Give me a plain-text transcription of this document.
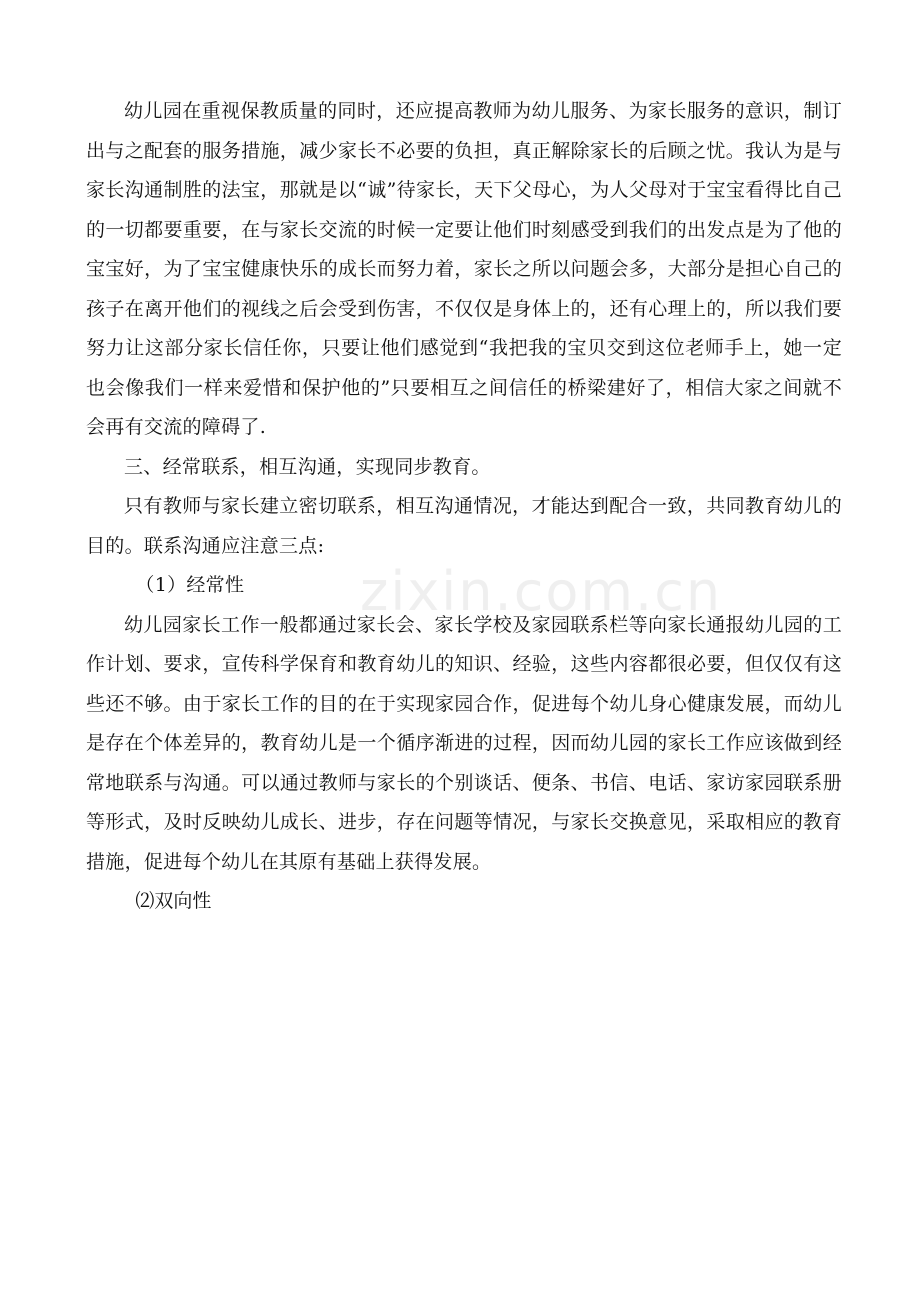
幼儿园在重视保教质量的同时，还应提高教师为幼儿服务、为家长服务的意识，制订出与之配套的服务措施，减少家长不必要的负担，真正解除家长的后顾之忧。我认为是与家长沟通制胜的法宝，那就是以“诚”待家长，天下父母心，为人父母对于宝宝看得比自己的一切都要重要，在与家长交流的时候一定要让他们时刻感受到我们的出发点是为了他的宝宝好，为了宝宝健康快乐的成长而努力着，家长之所以问题会多，大部分是担心自己的孩子在离开他们的视线之后会受到伤害，不仅仅是身体上的，还有心理上的，所以我们要努力让这部分家长信任你，只要让他们感觉到“我把我的宝贝交到这位老师手上，她一定也会像我们一样来爱惜和保护他的”只要相互之间信任的桥梁建好了，相信大家之间就不会再有交流的障碍了.

三、经常联系，相互沟通，实现同步教育。

只有教师与家长建立密切联系，相互沟通情况，才能达到配合一致，共同教育幼儿的目的。联系沟通应注意三点:

（1）经常性

幼儿园家长工作一般都通过家长会、家长学校及家园联系栏等向家长通报幼儿园的工作计划、要求，宣传科学保育和教育幼儿的知识、经验，这些内容都很必要，但仅仅有这些还不够。由于家长工作的目的在于实现家园合作，促进每个幼儿身心健康发展，而幼儿是存在个体差异的，教育幼儿是一个循序渐进的过程，因而幼儿园的家长工作应该做到经常地联系与沟通。可以通过教师与家长的个别谈话、便条、书信、电话、家访家园联系册等形式，及时反映幼儿成长、进步，存在问题等情况，与家长交换意见，采取相应的教育措施，促进每个幼儿在其原有基础上获得发展。

⑵双向性

zixin.com.cn
